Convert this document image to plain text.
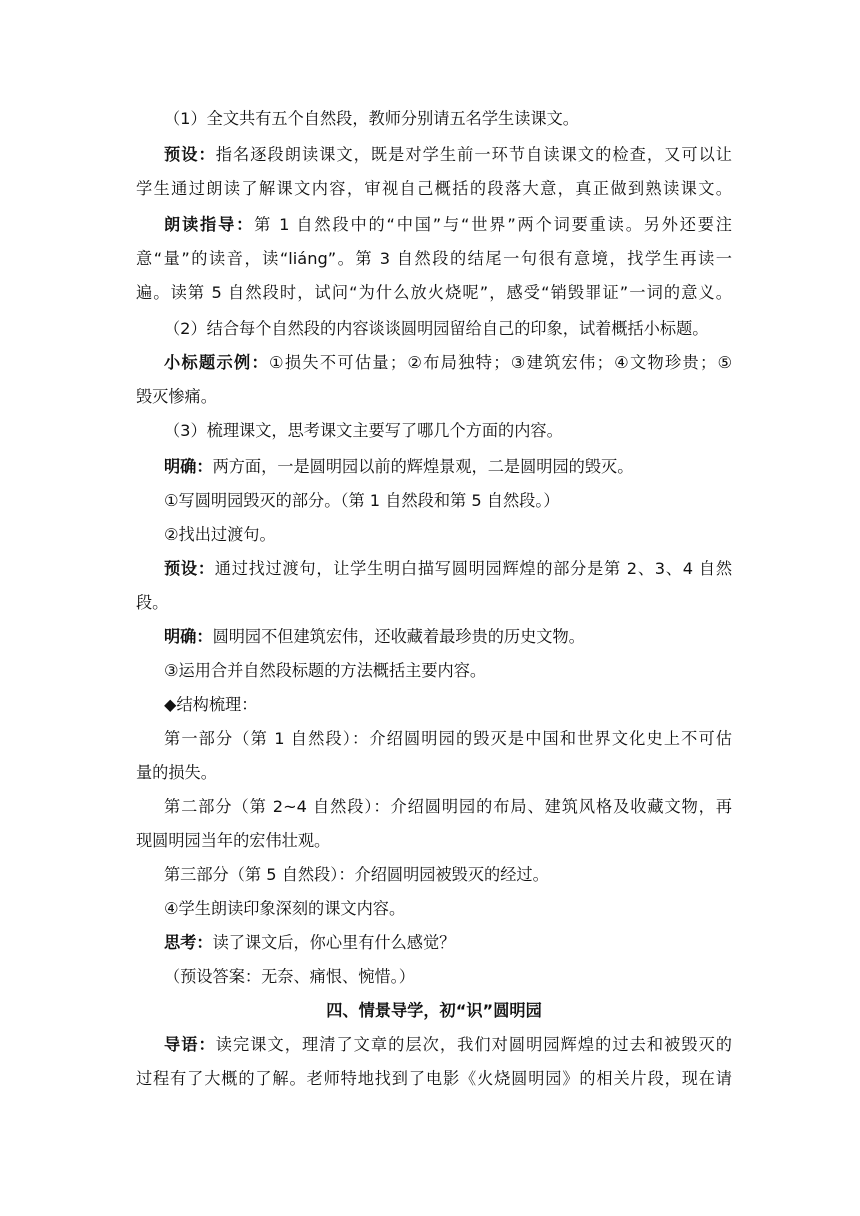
（1）全文共有五个自然段，教师分别请五名学生读课文。
预设：指名逐段朗读课文，既是对学生前一环节自读课文的检查，又可以让
学生通过朗读了解课文内容，审视自己概括的段落大意，真正做到熟读课文。
朗读指导：第 1 自然段中的“中国”与“世界”两个词要重读。另外还要注
意“量”的读音，读“liáng”。第 3 自然段的结尾一句很有意境，找学生再读一
遍。读第 5 自然段时，试问“为什么放火烧呢”，感受“销毁罪证”一词的意义。
（2）结合每个自然段的内容谈谈圆明园留给自己的印象，试着概括小标题。
小标题示例：①损失不可估量；②布局独特；③建筑宏伟；④文物珍贵；⑤
毁灭惨痛。
（3）梳理课文，思考课文主要写了哪几个方面的内容。
明确：两方面，一是圆明园以前的辉煌景观，二是圆明园的毁灭。
①写圆明园毁灭的部分。（第 1 自然段和第 5 自然段。）
②找出过渡句。
预设：通过找过渡句，让学生明白描写圆明园辉煌的部分是第 2、3、4 自然
段。
明确：圆明园不但建筑宏伟，还收藏着最珍贵的历史文物。
③运用合并自然段标题的方法概括主要内容。
◆结构梳理：
第一部分（第 1 自然段）：介绍圆明园的毁灭是中国和世界文化史上不可估
量的损失。
第二部分（第 2~4 自然段）：介绍圆明园的布局、建筑风格及收藏文物，再
现圆明园当年的宏伟壮观。
第三部分（第 5 自然段）：介绍圆明园被毁灭的经过。
④学生朗读印象深刻的课文内容。
思考：读了课文后，你心里有什么感觉？
（预设答案：无奈、痛恨、惋惜。）
四、情景导学，初“识”圆明园
导语：读完课文，理清了文章的层次，我们对圆明园辉煌的过去和被毁灭的
过程有了大概的了解。老师特地找到了电影《火烧圆明园》的相关片段，现在请
